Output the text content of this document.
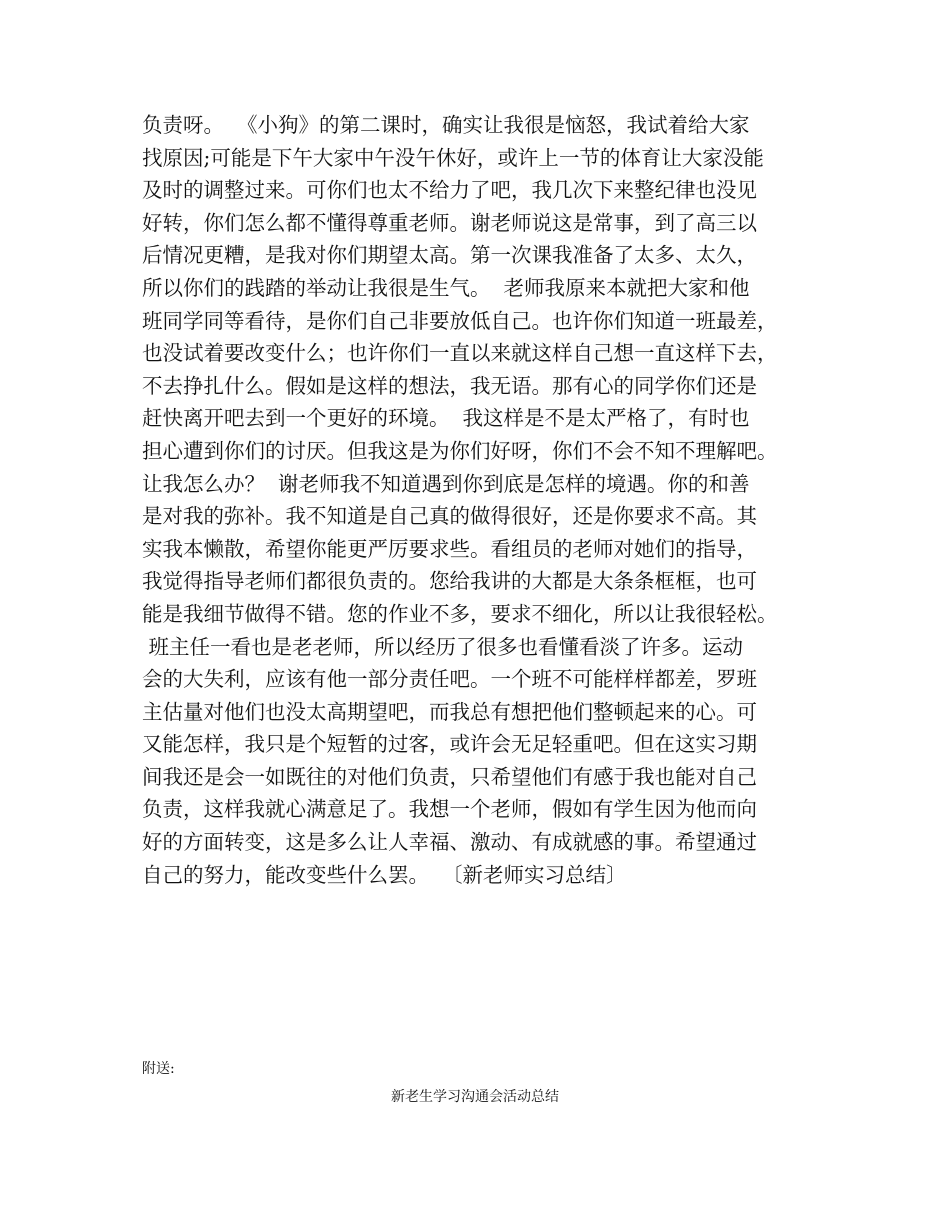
负责呀。  《小狗》的第二课时，确实让我很是恼怒，我试着给大家
找原因;可能是下午大家中午没午休好，或许上一节的体育让大家没能
及时的调整过来。可你们也太不给力了吧，我几次下来整纪律也没见
好转，你们怎么都不懂得尊重老师。谢老师说这是常事，到了高三以
后情况更糟，是我对你们期望太高。第一次课我准备了太多、太久，
所以你们的践踏的举动让我很是生气。  老师我原来本就把大家和他
班同学同等看待，是你们自己非要放低自己。也许你们知道一班最差，
也没试着要改变什么；也许你们一直以来就这样自己想一直这样下去，
不去挣扎什么。假如是这样的想法，我无语。那有心的同学你们还是
赶快离开吧去到一个更好的环境。  我这样是不是太严格了，有时也
担心遭到你们的讨厌。但我这是为你们好呀，你们不会不知不理解吧。
让我怎么办？  谢老师我不知道遇到你到底是怎样的境遇。你的和善
是对我的弥补。我不知道是自己真的做得很好，还是你要求不高。其
实我本懒散，希望你能更严厉要求些。看组员的老师对她们的指导，
我觉得指导老师们都很负责的。您给我讲的大都是大条条框框，也可
能是我细节做得不错。您的作业不多，要求不细化，所以让我很轻松。
班主任一看也是老老师，所以经历了很多也看懂看淡了许多。运动
会的大失利，应该有他一部分责任吧。一个班不可能样样都差，罗班
主估量对他们也没太高期望吧，而我总有想把他们整顿起来的心。可
又能怎样，我只是个短暂的过客，或许会无足轻重吧。但在这实习期
间我还是会一如既往的对他们负责，只希望他们有感于我也能对自己
负责，这样我就心满意足了。我想一个老师，假如有学生因为他而向
好的方面转变，这是多么让人幸福、激动、有成就感的事。希望通过
自己的努力，能改变些什么罢。  〔新老师实习总结〕
附送:
新老生学习沟通会活动总结
